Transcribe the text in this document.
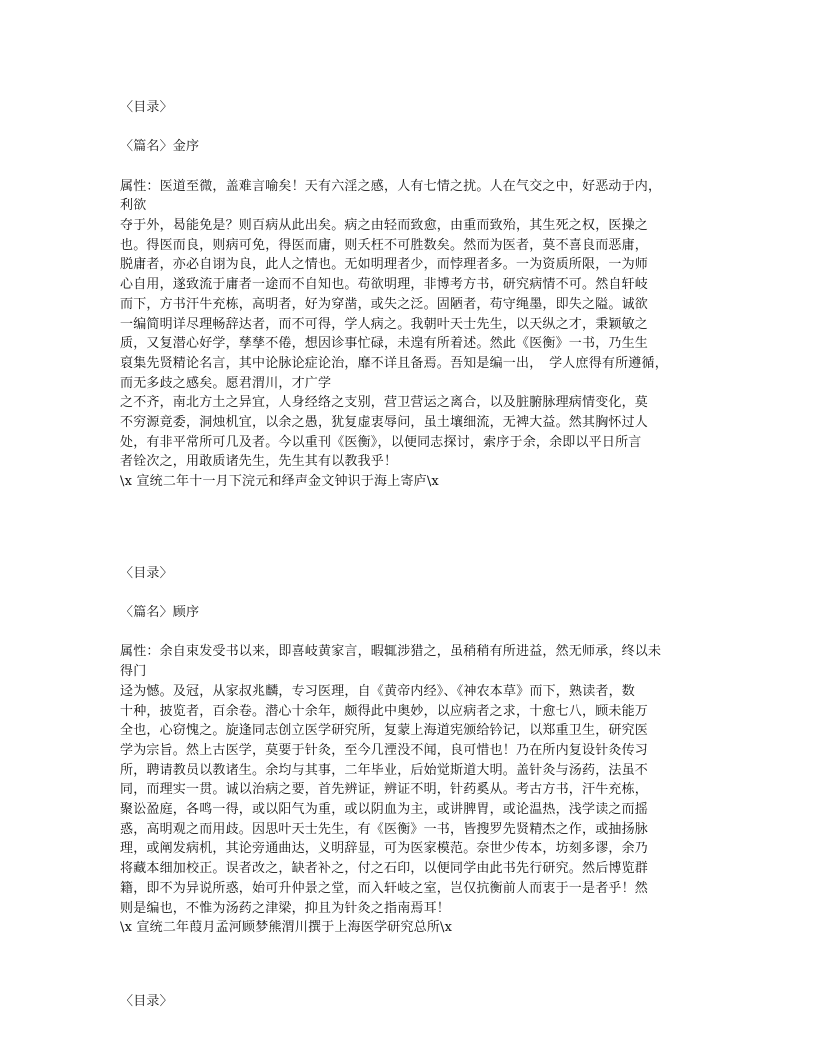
〈目录〉
〈篇名〉金序
属性：医道至微，盖难言喻矣！天有六淫之感，人有七情之扰。人在气交之中，好恶动于内，
利欲
夺于外，曷能免是？则百病从此出矣。病之由轻而致愈，由重而致殆，其生死之权，医操之
也。得医而良，则病可免，得医而庸，则夭枉不可胜数矣。然而为医者，莫不喜良而恶庸，
脱庸者，亦必自诩为良，此人之情也。无如明理者少，而悖理者多。一为资质所限，一为师
心自用，遂致流于庸者一途而不自知也。苟欲明理，非博考方书，研究病情不可。然自轩岐
而下，方书汗牛充栋，高明者，好为穿凿，或失之泛。固陋者，苟守绳墨，即失之隘。诚欲
一编简明详尽理畅辞达者，而不可得，学人病之。我朝叶天士先生，以天纵之才，秉颖敏之
质，又复潜心好学，孳孳不倦，想因诊事忙碌，未遑有所着述。然此《医衡》一书，乃生生
裒集先贤精论名言，其中论脉论症论治，靡不详且备焉。吾知是编一出，　学人庶得有所遵循，
而无多歧之感矣。愿君渭川，才广学
之不齐，南北方土之异宜，人身经络之支别，营卫营运之离合，以及脏腑脉理病情变化，莫
不穷源竟委，洞烛机宜，以余之愚，犹复虚衷辱问，虽土壤细流，无裨大益。然其胸怀过人
处，有非平常所可几及者。今以重刊《医衡》，以便同志探讨，索序于余，余即以平日所言
者铨次之，用敢质诸先生，先生其有以教我乎！
\x 宣统二年十一月下浣元和绎声金文钟识于海上寄庐\x
〈目录〉
〈篇名〉顾序
属性：余自束发受书以来，即喜岐黄家言，暇辄涉猎之，虽稍稍有所进益，然无师承，终以未
得门
迳为憾。及冠，从家叔兆麟，专习医理，自《黄帝内经》、《神农本草》而下，熟读者，数
十种，披览者，百余卷。潜心十余年，颇得此中奥妙，以应病者之求，十愈七八，顾未能万
全也，心窃愧之。旋逢同志创立医学研究所，复蒙上海道宪颁给钤记，以郑重卫生，研究医
学为宗旨。然上古医学，莫要于针灸，至今几湮没不闻，良可惜也！乃在所内复设针灸传习
所，聘请教员以教诸生。余均与其事，二年毕业，后始觉斯道大明。盖针灸与汤药，法虽不
同，而理实一贯。诚以治病之要，首先辨证，辨证不明，针药奚从。考古方书，汗牛充栋，
聚讼盈庭，各鸣一得，或以阳气为重，或以阴血为主，或讲脾胃，或论温热，浅学读之而摇
惑，高明观之而用歧。因思叶天士先生，有《医衡》一书，皆搜罗先贤精杰之作，或抽扬脉
理，或阐发病机，其论旁通曲达，义明辞显，可为医家模范。奈世少传本，坊刻多谬，余乃
将藏本细加校正。误者改之，缺者补之，付之石印，以便同学由此书先行研究。然后博览群
籍，即不为异说所惑，始可升仲景之堂，而入轩岐之室，岂仅抗衡前人而衷于一是者乎！然
则是编也，不惟为汤药之津梁，抑且为针灸之指南焉耳！
\x 宣统二年葭月孟河顾梦熊渭川撰于上海医学研究总所\x
〈目录〉
